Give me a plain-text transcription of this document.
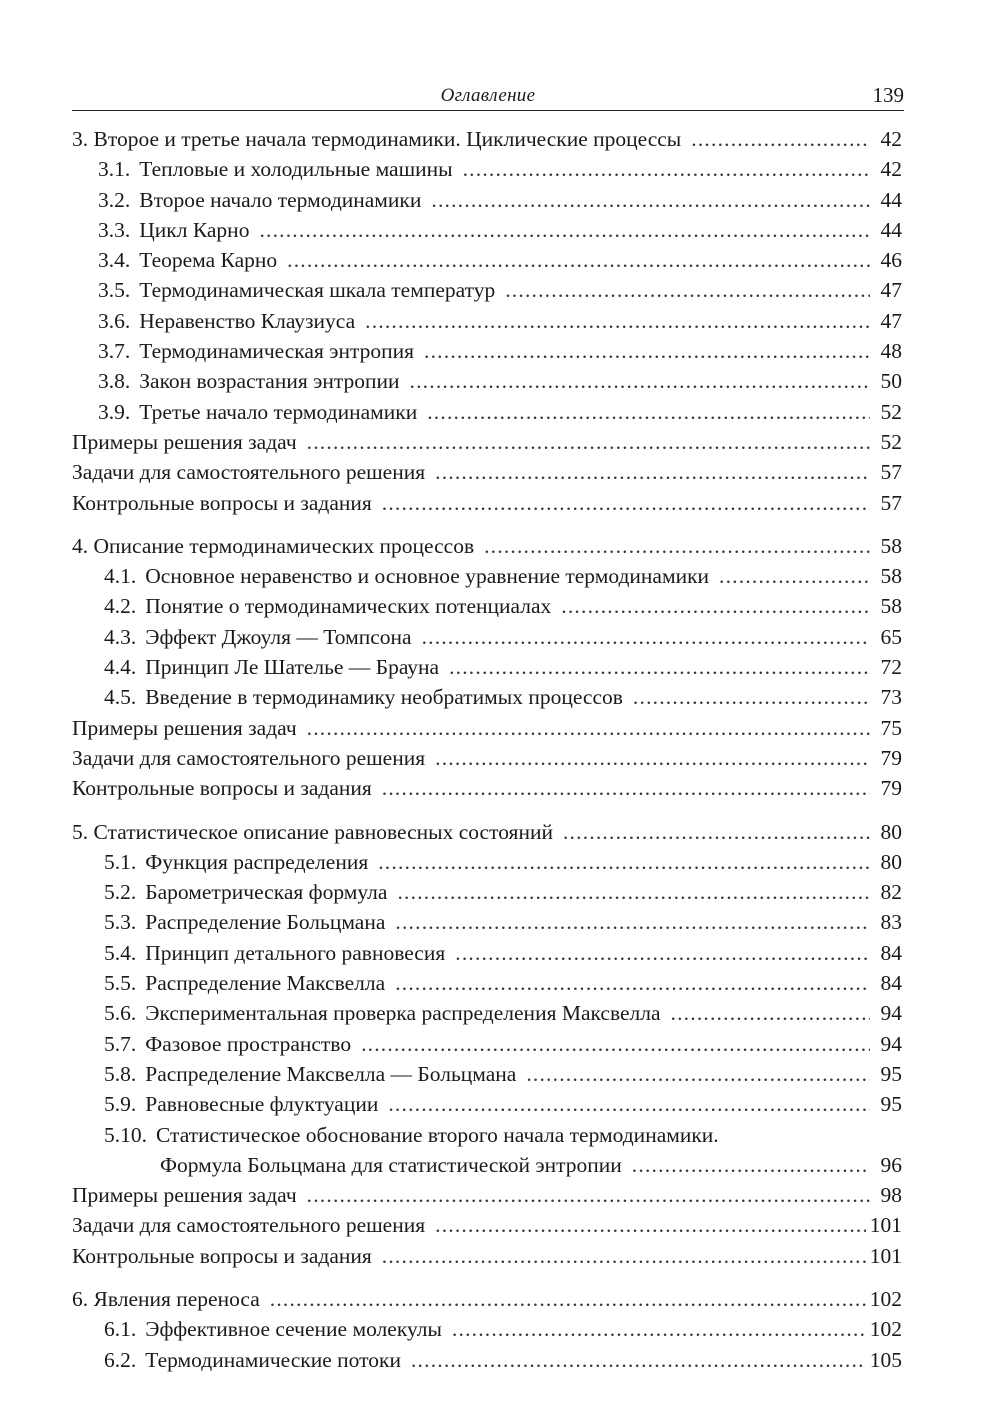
Оглавление	139
3. Второе и третье начала термодинамики. Циклические процессы .....	42
3.1. Тепловые и холодильные машины .....	42
3.2. Второе начало термодинамики .....	44
3.3. Цикл Карно .....	44
3.4. Теорема Карно .....	46
3.5. Термодинамическая шкала температур .....	47
3.6. Неравенство Клаузиуса .....	47
3.7. Термодинамическая энтропия .....	48
3.8. Закон возрастания энтропии .....	50
3.9. Третье начало термодинамики .....	52
Примеры решения задач .....	52
Задачи для самостоятельного решения .....	57
Контрольные вопросы и задания .....	57
4. Описание термодинамических процессов .....	58
4.1. Основное неравенство и основное уравнение термодинамики .....	58
4.2. Понятие о термодинамических потенциалах .....	58
4.3. Эффект Джоуля — Томпсона .....	65
4.4. Принцип Ле Шателье — Брауна .....	72
4.5. Введение в термодинамику необратимых процессов .....	73
Примеры решения задач .....	75
Задачи для самостоятельного решения .....	79
Контрольные вопросы и задания .....	79
5. Статистическое описание равновесных состояний .....	80
5.1. Функция распределения .....	80
5.2. Барометрическая формула .....	82
5.3. Распределение Больцмана .....	83
5.4. Принцип детального равновесия .....	84
5.5. Распределение Максвелла .....	84
5.6. Экспериментальная проверка распределения Максвелла .....	94
5.7. Фазовое пространство .....	94
5.8. Распределение Максвелла — Больцмана .....	95
5.9. Равновесные флуктуации .....	95
5.10. Статистическое обоснование второго начала термодинамики.
Формула Больцмана для статистической энтропии .....	96
Примеры решения задач .....	98
Задачи для самостоятельного решения .....	101
Контрольные вопросы и задания .....	101
6. Явления переноса .....	102
6.1. Эффективное сечение молекулы .....	102
6.2. Термодинамические потоки .....	105
